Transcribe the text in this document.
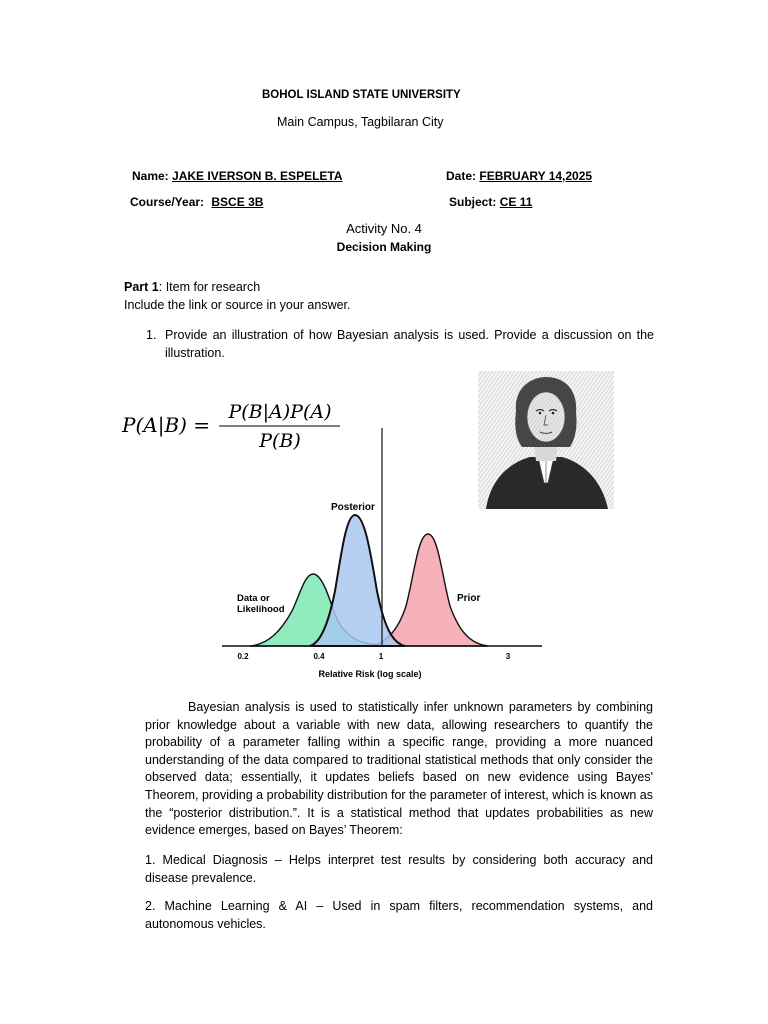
BOHOL ISLAND STATE UNIVERSITY
Main Campus, Tagbilaran City
Name: JAKE IVERSON B. ESPELETA	Date: FEBRUARY 14,2025
Course/Year: BSCE 3B	Subject: CE 11
Activity No. 4
Decision Making
Part 1: Item for research
Include the link or source in your answer.
1. Provide an illustration of how Bayesian analysis is used. Provide a discussion on the illustration.
P(A|B) =
P(B|A)P(A)
P(B)
0.2	0.4	1	3
Relative Risk (log scale)
Posterior
Data or
Likelihood
Prior
Bayesian analysis is used to statistically infer unknown parameters by combining prior knowledge about a variable with new data, allowing researchers to quantify the probability of a parameter falling within a specific range, providing a more nuanced understanding of the data compared to traditional statistical methods that only consider the observed data; essentially, it updates beliefs based on new evidence using Bayes' Theorem, providing a probability distribution for the parameter of interest, which is known as the “posterior distribution.”. It is a statistical method that updates probabilities as new evidence emerges, based on Bayes’ Theorem:
1. Medical Diagnosis – Helps interpret test results by considering both accuracy and disease prevalence.
2. Machine Learning & AI – Used in spam filters, recommendation systems, and autonomous vehicles.
